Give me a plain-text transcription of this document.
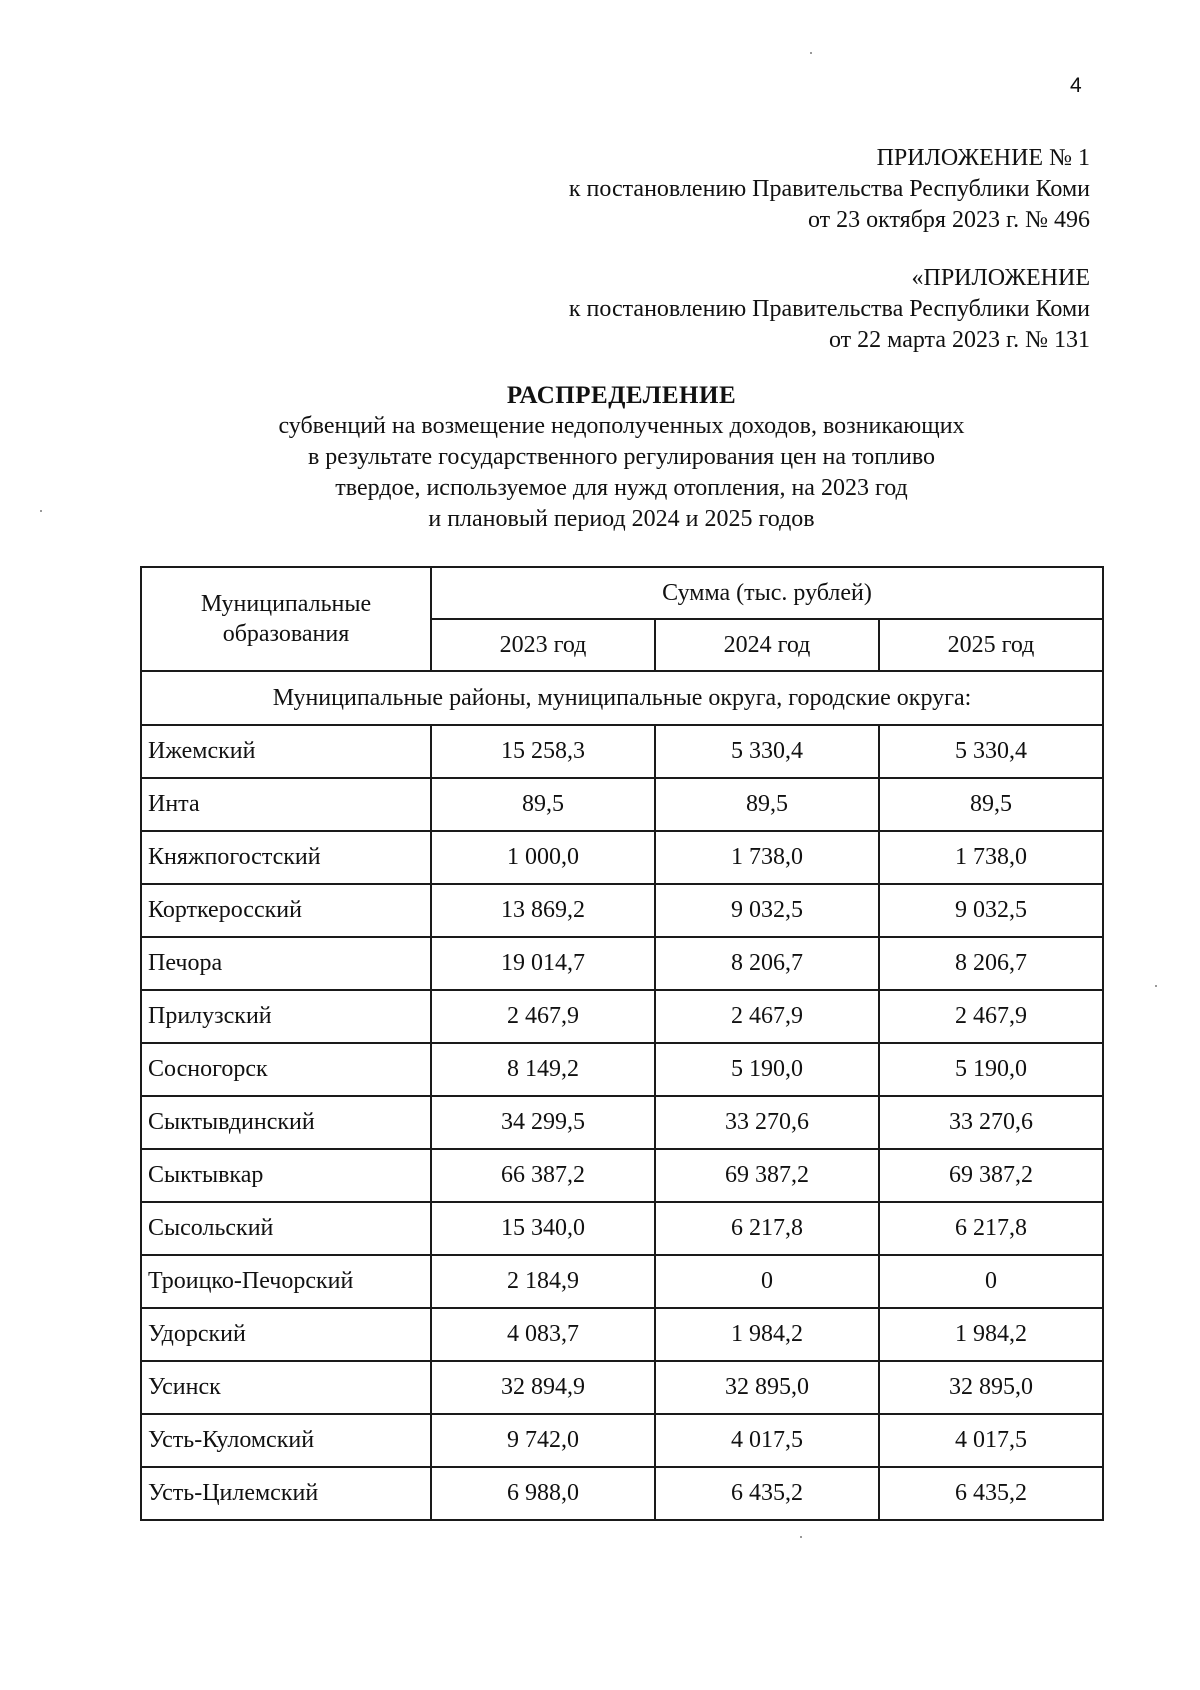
4
ПРИЛОЖЕНИЕ № 1
к постановлению Правительства Республики Коми
от 23 октября 2023 г. № 496
«ПРИЛОЖЕНИЕ
к постановлению Правительства Республики Коми
от 22 марта 2023 г. № 131
РАСПРЕДЕЛЕНИЕ
субвенций на возмещение недополученных доходов, возникающих
в результате государственного регулирования цен на топливо
твердое, используемое для нужд отопления, на 2023 год
и плановый период 2024 и 2025 годов
Муниципальные
образования	Сумма (тыс. рублей)		
	2023 год	2024 год	2025 год
Муниципальные районы, муниципальные округа, городские округа:			
Ижемский	15 258,3	5 330,4	5 330,4
Инта	89,5	89,5	89,5
Княжпогостский	1 000,0	1 738,0	1 738,0
Корткеросский	13 869,2	9 032,5	9 032,5
Печора	19 014,7	8 206,7	8 206,7
Прилузский	2 467,9	2 467,9	2 467,9
Сосногорск	8 149,2	5 190,0	5 190,0
Сыктывдинский	34 299,5	33 270,6	33 270,6
Сыктывкар	66 387,2	69 387,2	69 387,2
Сысольский	15 340,0	6 217,8	6 217,8
Троицко-Печорский	2 184,9	0	0
Удорский	4 083,7	1 984,2	1 984,2
Усинск	32 894,9	32 895,0	32 895,0
Усть-Куломский	9 742,0	4 017,5	4 017,5
Усть-Цилемский	6 988,0	6 435,2	6 435,2
